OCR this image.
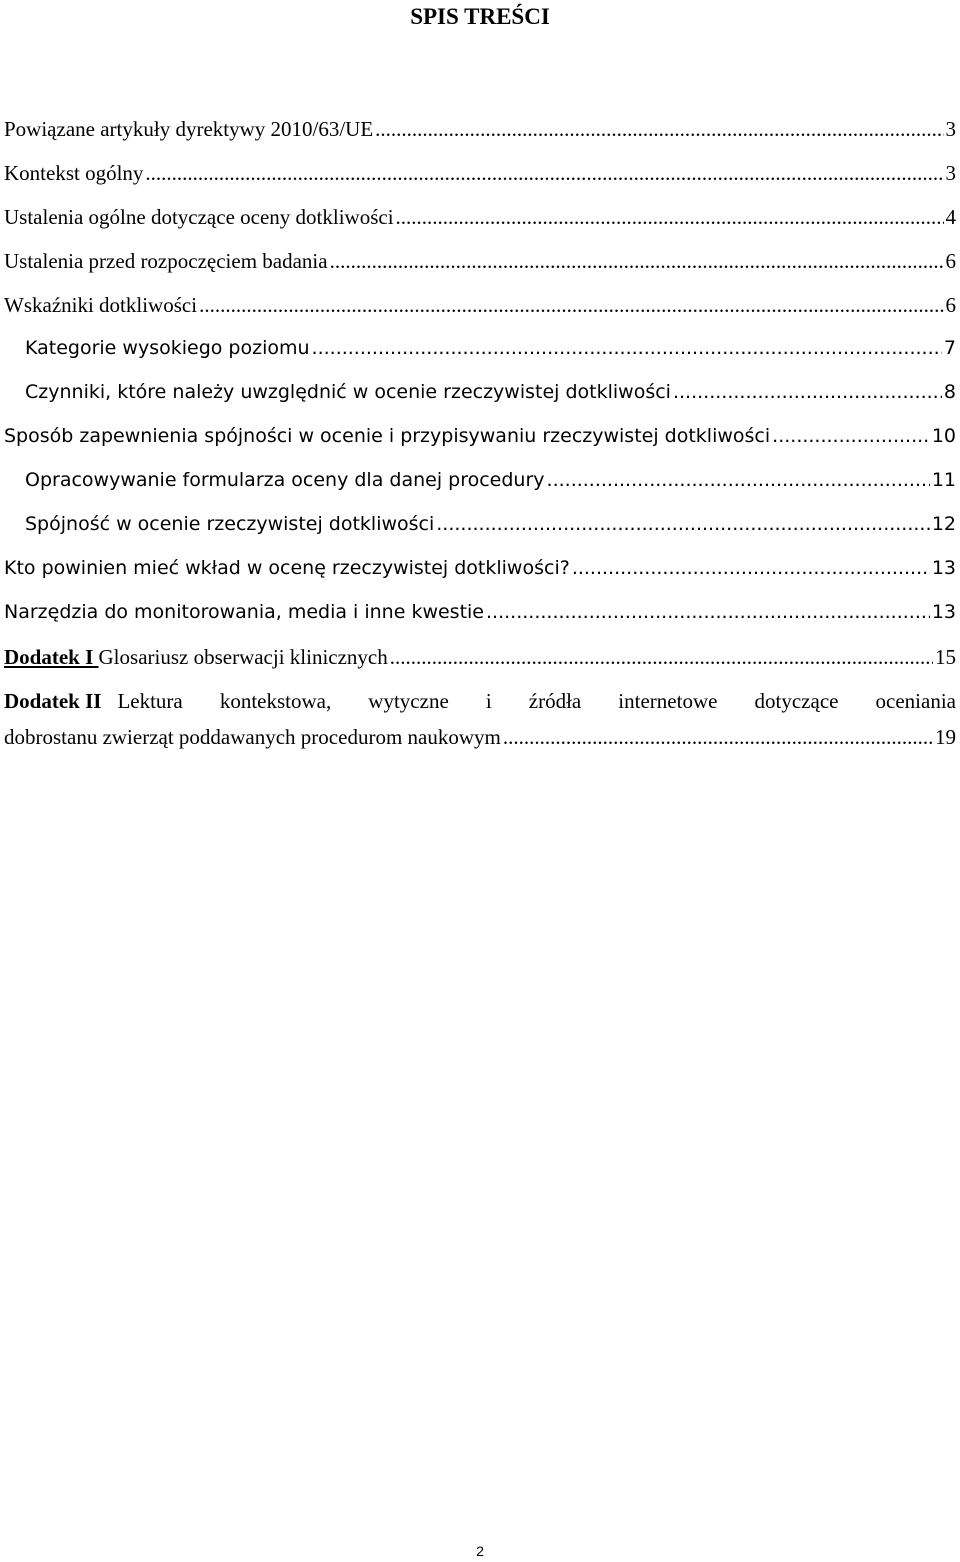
SPIS TREŚCI
Powiązane artykuły dyrektywy 2010/63/UE .....	3
Kontekst ogólny .....	3
Ustalenia ogólne dotyczące oceny dotkliwości .....	4
Ustalenia przed rozpoczęciem badania .....	6
Wskaźniki dotkliwości .....	6
Kategorie wysokiego poziomu .....	7
Czynniki, które należy uwzględnić w ocenie rzeczywistej dotkliwości .....	8
Sposób zapewnienia spójności w ocenie i przypisywaniu rzeczywistej dotkliwości .....	10
Opracowywanie formularza oceny dla danej procedury .....	11
Spójność w ocenie rzeczywistej dotkliwości .....	12
Kto powinien mieć wkład w ocenę rzeczywistej dotkliwości? .....	13
Narzędzia do monitorowania, media i inne kwestie .....	13
Dodatek I Glosariusz obserwacji klinicznych .....	15
Dodatek II Lektura kontekstowa, wytyczne i źródła internetowe dotyczące oceniania
dobrostanu zwierząt poddawanych procedurom naukowym .....	19
2
